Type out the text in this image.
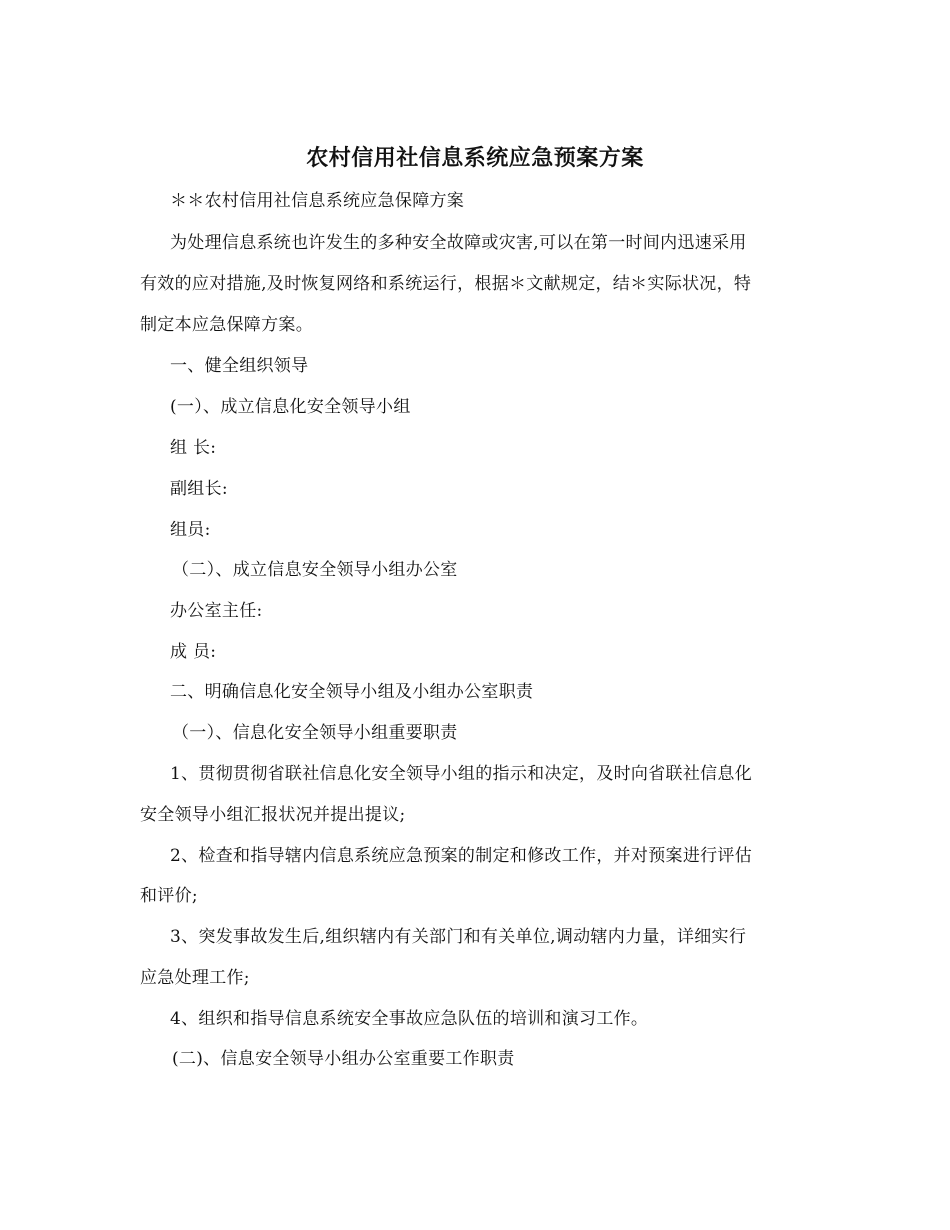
农村信用社信息系统应急预案方案
＊＊农村信用社信息系统应急保障方案
为处理信息系统也许发生的多种安全故障或灾害,可以在第一时间内迅速采用
有效的应对措施,及时恢复网络和系统运行，根据＊文献规定，结＊实际状况，特
制定本应急保障方案。
一、健全组织领导
(一）、成立信息化安全领导小组
组 长:
副组长:
组员:
（二）、成立信息安全领导小组办公室
办公室主任:
成 员:
二、明确信息化安全领导小组及小组办公室职责
（一）、信息化安全领导小组重要职责
1、贯彻贯彻省联社信息化安全领导小组的指示和决定，及时向省联社信息化
安全领导小组汇报状况并提出提议;
2、检查和指导辖内信息系统应急预案的制定和修改工作，并对预案进行评估
和评价;
3、突发事故发生后,组织辖内有关部门和有关单位,调动辖内力量，详细实行
应急处理工作;
4、组织和指导信息系统安全事故应急队伍的培训和演习工作。
(二)、信息安全领导小组办公室重要工作职责
